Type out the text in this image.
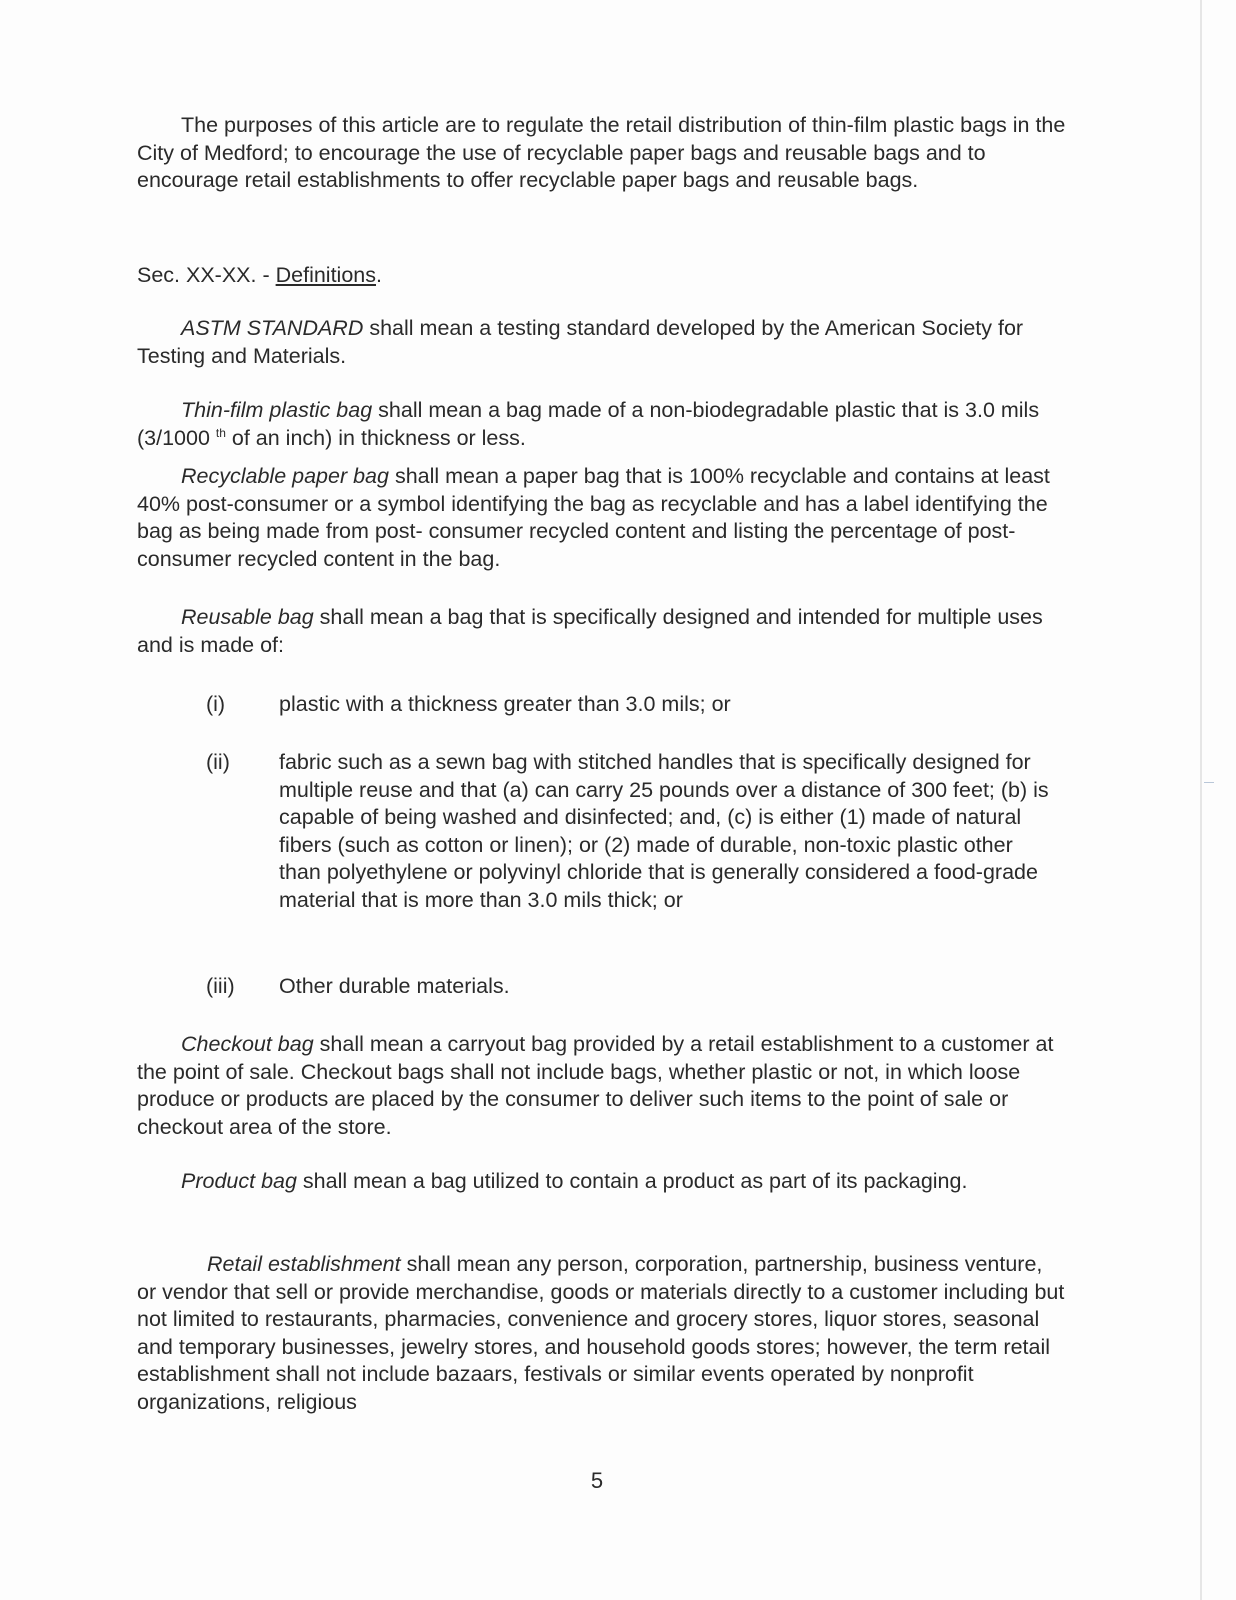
The purposes of this article are to regulate the retail distribution of thin-film plastic bags in the City of Medford; to encourage the use of recyclable paper bags and reusable bags and to encourage retail establishments to offer recyclable paper bags and reusable bags.

Sec. XX-XX. - Definitions.

ASTM STANDARD shall mean a testing standard developed by the American Society for Testing and Materials.

Thin-film plastic bag shall mean a bag made of a non-biodegradable plastic that is 3.0 mils (3/1000 $^{th}$ of an inch) in thickness or less.

Recyclable paper bag shall mean a paper bag that is 100% recyclable and contains at least 40% post-consumer or a symbol identifying the bag as recyclable and has a label identifying the bag as being made from post- consumer recycled content and listing the percentage of post-consumer recycled content in the bag.

Reusable bag shall mean a bag that is specifically designed and intended for multiple uses and is made of:

(i)	plastic with a thickness greater than 3.0 mils; or
(ii)	fabric such as a sewn bag with stitched handles that is specifically designed for multiple reuse and that (a) can carry 25 pounds over a distance of 300 feet; (b) is capable of being washed and disinfected; and, (c) is either (1) made of natural fibers (such as cotton or linen); or (2) made of durable, non-toxic plastic other than polyethylene or polyvinyl chloride that is generally considered a food-grade material that is more than 3.0 mils thick; or
(iii)	Other durable materials.

Checkout bag shall mean a carryout bag provided by a retail establishment to a customer at the point of sale. Checkout bags shall not include bags, whether plastic or not, in which loose produce or products are placed by the consumer to deliver such items to the point of sale or checkout area of the store.

Product bag shall mean a bag utilized to contain a product as part of its packaging.

Retail establishment shall mean any person, corporation, partnership, business venture, or vendor that sell or provide merchandise, goods or materials directly to a customer including but not limited to restaurants, pharmacies, convenience and grocery stores, liquor stores, seasonal and temporary businesses, jewelry stores, and household goods stores; however, the term retail establishment shall not include bazaars, festivals or similar events operated by nonprofit organizations, religious

5
